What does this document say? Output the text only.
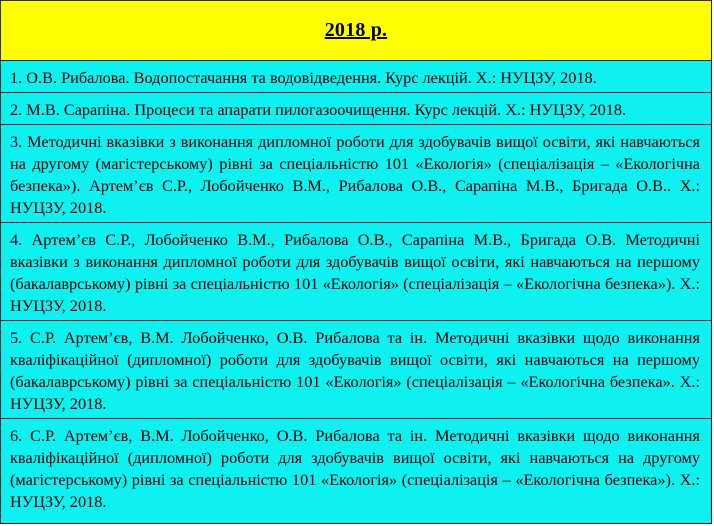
2018 р.
1. О.В. Рибалова. Водопостачання та водовідведення. Курс лекцій. Х.: НУЦЗУ, 2018.
2. М.В. Сарапіна. Процеси та апарати пилогазоочищення. Курс лекцій. Х.: НУЦЗУ, 2018.
3. Методичні вказівки з виконання дипломної роботи для здобувачів вищої освіти, які навчаються на другому (магістерському) рівні за спеціальністю 101 «Екологія» (спеціалізація – «Екологічна безпека»). Артем’єв С.Р., Лобойченко В.М., Рибалова О.В., Сарапіна М.В., Бригада О.В.. Х.: НУЦЗУ, 2018.
4. Артем’єв С.Р., Лобойченко В.М., Рибалова О.В., Сарапіна М.В., Бригада О.В. Методичні вказівки з виконання дипломної роботи для здобувачів вищої освіти, які навчаються на першому (бакалаврському) рівні за спеціальністю 101 «Екологія» (спеціалізація – «Екологічна безпека»). Х.: НУЦЗУ, 2018.
5. С.Р. Артем’єв, В.М. Лобойченко, О.В. Рибалова та ін. Методичні вказівки щодо виконання кваліфікаційної (дипломної) роботи для здобувачів вищої освіти, які навчаються на першому (бакалаврському) рівні за спеціальністю 101 «Екологія» (спеціалізація – «Екологічна безпека». Х.: НУЦЗУ, 2018.
6. С.Р. Артем’єв, В.М. Лобойченко, О.В. Рибалова та ін. Методичні вказівки щодо виконання кваліфікаційної (дипломної) роботи для здобувачів вищої освіти, які навчаються на другому (магістерському) рівні за спеціальністю 101 «Екологія» (спеціалізація – «Екологічна безпека»). Х.: НУЦЗУ, 2018.
